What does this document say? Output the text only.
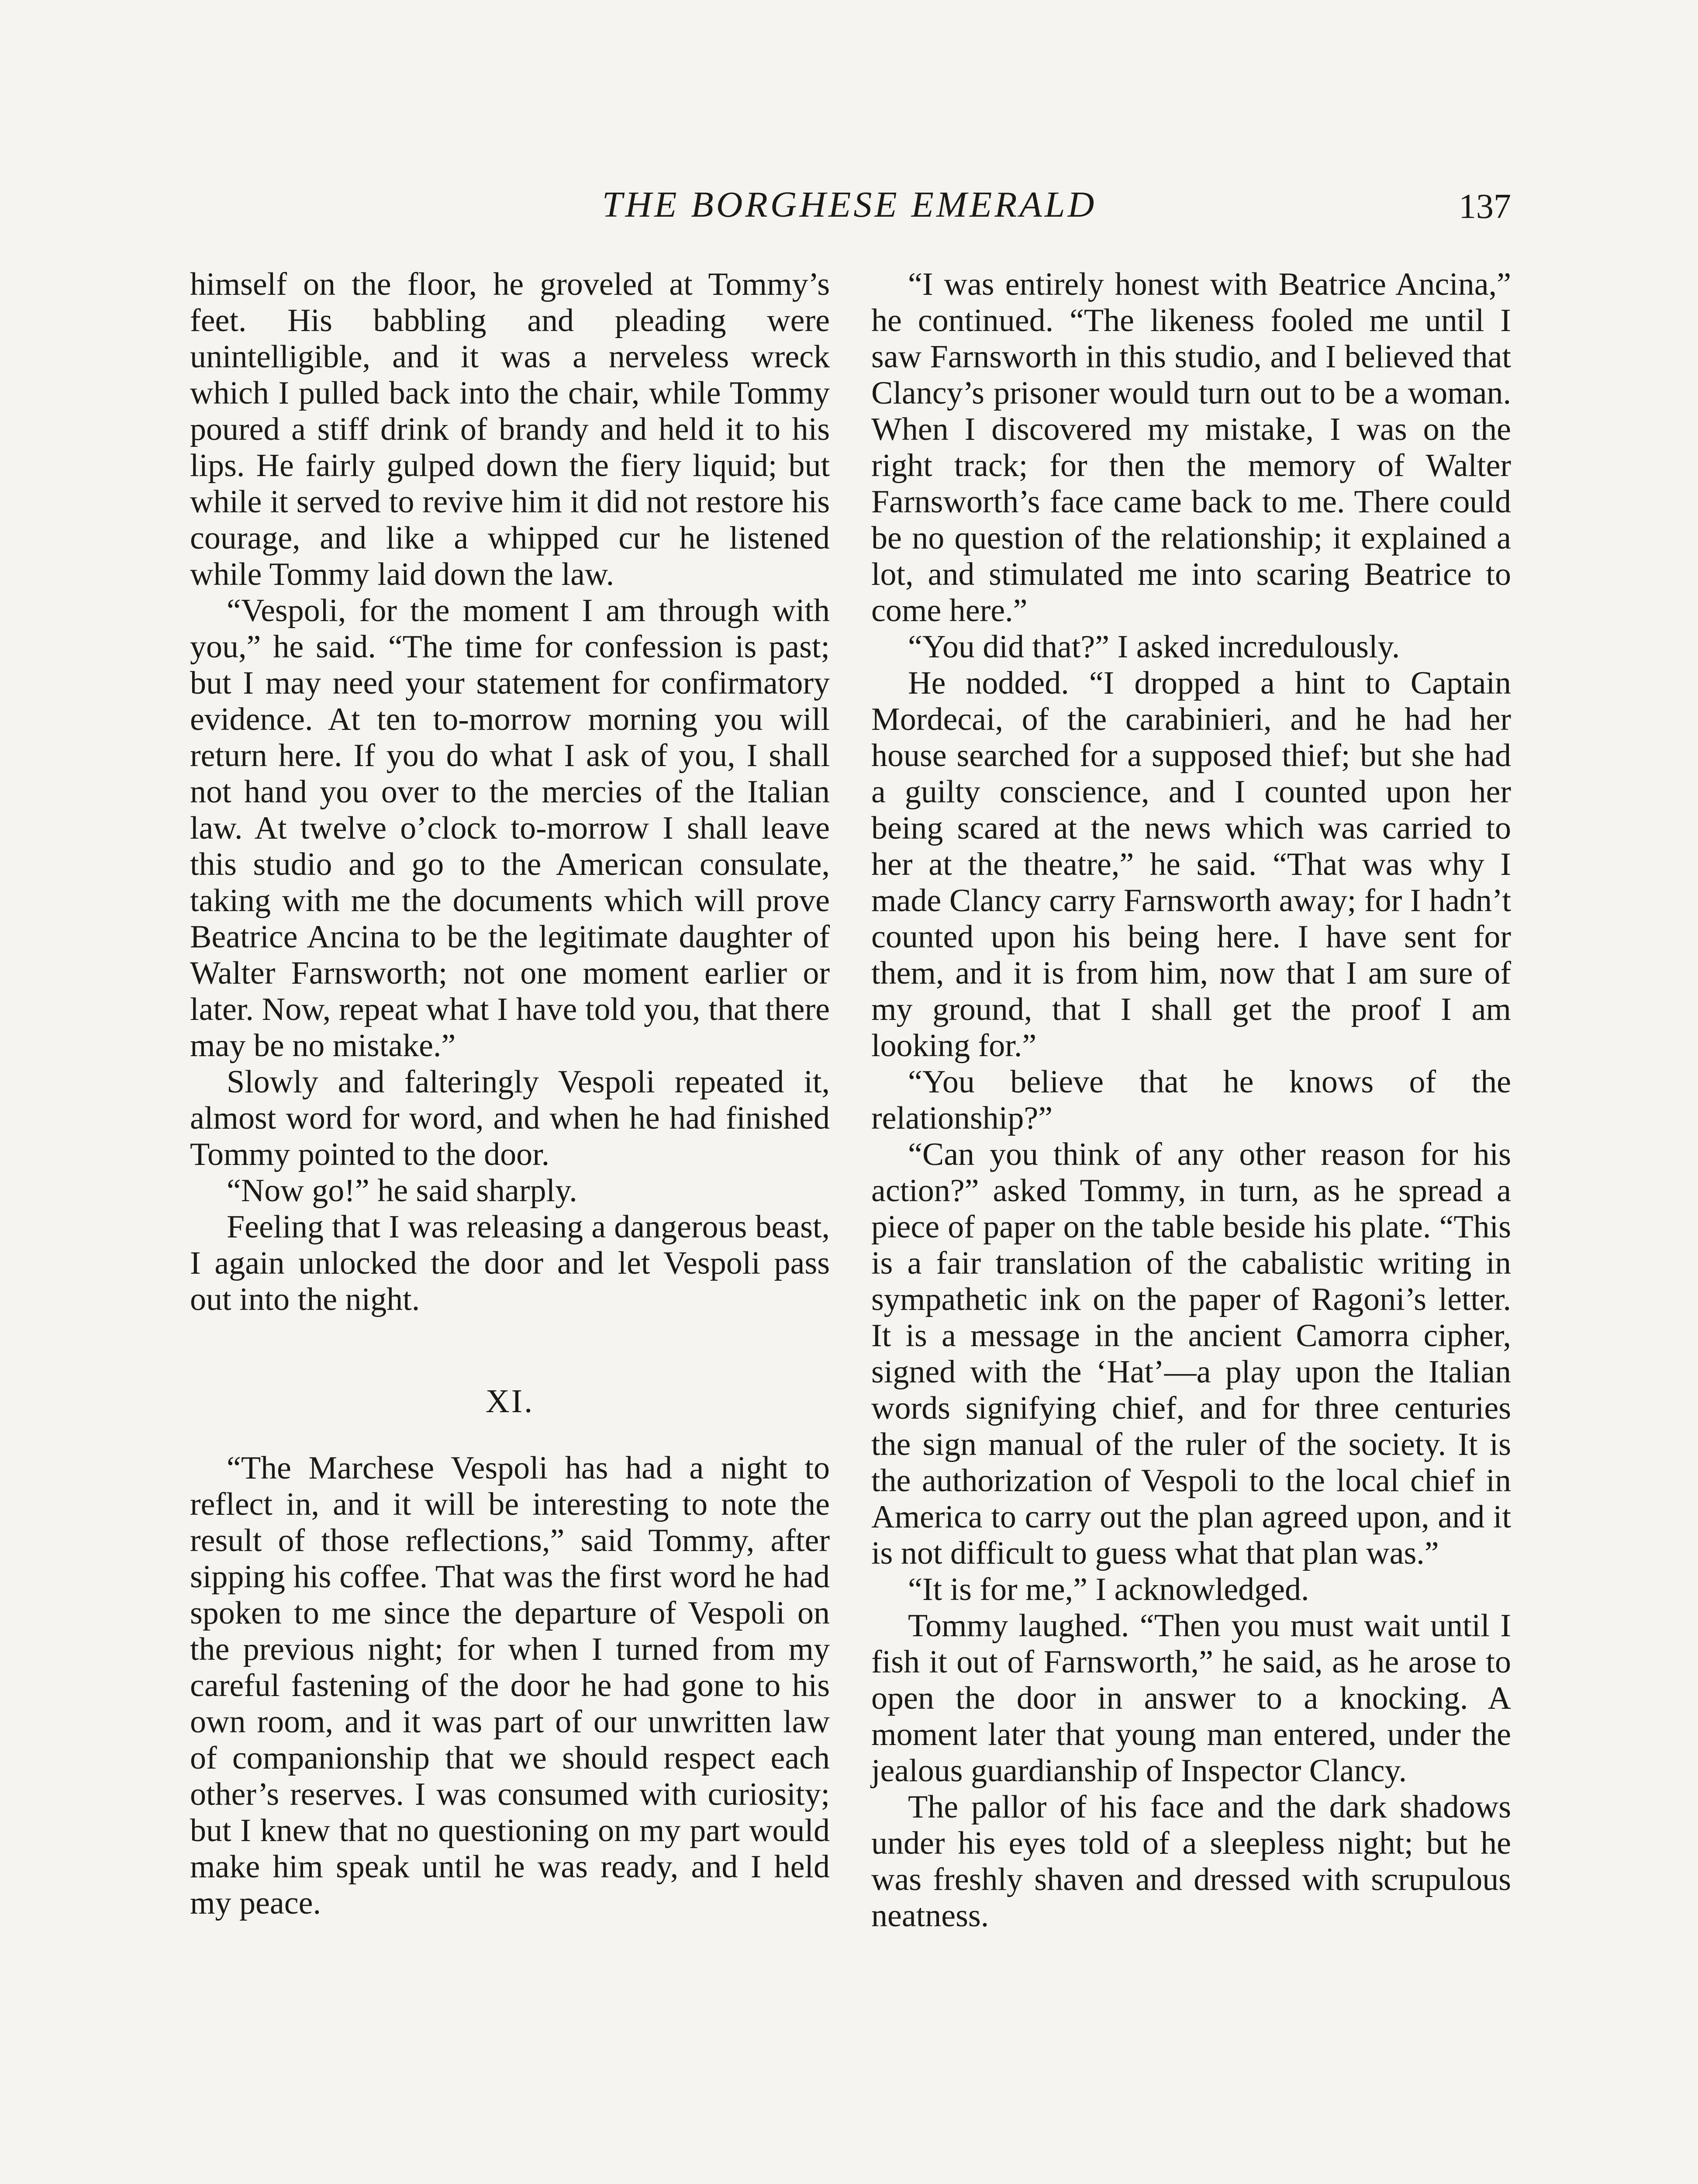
THE BORGHESE EMERALD	137

himself on the floor, he groveled at Tommy’s feet. His babbling and pleading were unintelligible, and it was a nerveless wreck which I pulled back into the chair, while Tommy poured a stiff drink of brandy and held it to his lips. He fairly gulped down the fiery liquid; but while it served to revive him it did not restore his courage, and like a whipped cur he listened while Tommy laid down the law.

“Vespoli, for the moment I am through with you,” he said. “The time for confession is past; but I may need your statement for confirmatory evidence. At ten to-morrow morning you will return here. If you do what I ask of you, I shall not hand you over to the mercies of the Italian law. At twelve o’clock to-morrow I shall leave this studio and go to the American consulate, taking with me the documents which will prove Beatrice Ancina to be the legitimate daughter of Walter Farnsworth; not one moment earlier or later. Now, repeat what I have told you, that there may be no mistake.”

Slowly and falteringly Vespoli repeated it, almost word for word, and when he had finished Tommy pointed to the door.

“Now go!” he said sharply.

Feeling that I was releasing a dangerous beast, I again unlocked the door and let Vespoli pass out into the night.

XI.

“The Marchese Vespoli has had a night to reflect in, and it will be interesting to note the result of those reflections,” said Tommy, after sipping his coffee. That was the first word he had spoken to me since the departure of Vespoli on the previous night; for when I turned from my careful fastening of the door he had gone to his own room, and it was part of our unwritten law of companionship that we should respect each other’s reserves. I was consumed with curiosity; but I knew that no questioning on my part would make him speak until he was ready, and I held my peace.

“I was entirely honest with Beatrice Ancina,” he continued. “The likeness fooled me until I saw Farnsworth in this studio, and I believed that Clancy’s prisoner would turn out to be a woman. When I discovered my mistake, I was on the right track; for then the memory of Walter Farnsworth’s face came back to me. There could be no question of the relationship; it explained a lot, and stimulated me into scaring Beatrice to come here.”

“You did that?” I asked incredulously.

He nodded. “I dropped a hint to Captain Mordecai, of the carabinieri, and he had her house searched for a supposed thief; but she had a guilty conscience, and I counted upon her being scared at the news which was carried to her at the theatre,” he said. “That was why I made Clancy carry Farnsworth away; for I hadn’t counted upon his being here. I have sent for them, and it is from him, now that I am sure of my ground, that I shall get the proof I am looking for.”

“You believe that he knows of the relationship?”

“Can you think of any other reason for his action?” asked Tommy, in turn, as he spread a piece of paper on the table beside his plate. “This is a fair translation of the cabalistic writing in sympathetic ink on the paper of Ragoni’s letter. It is a message in the ancient Camorra cipher, signed with the ‘Hat’—a play upon the Italian words signifying chief, and for three centuries the sign manual of the ruler of the society. It is the authorization of Vespoli to the local chief in America to carry out the plan agreed upon, and it is not difficult to guess what that plan was.”

“It is for me,” I acknowledged.

Tommy laughed. “Then you must wait until I fish it out of Farnsworth,” he said, as he arose to open the door in answer to a knocking. A moment later that young man entered, under the jealous guardianship of Inspector Clancy.

The pallor of his face and the dark shadows under his eyes told of a sleepless night; but he was freshly shaven and dressed with scrupulous neatness.
